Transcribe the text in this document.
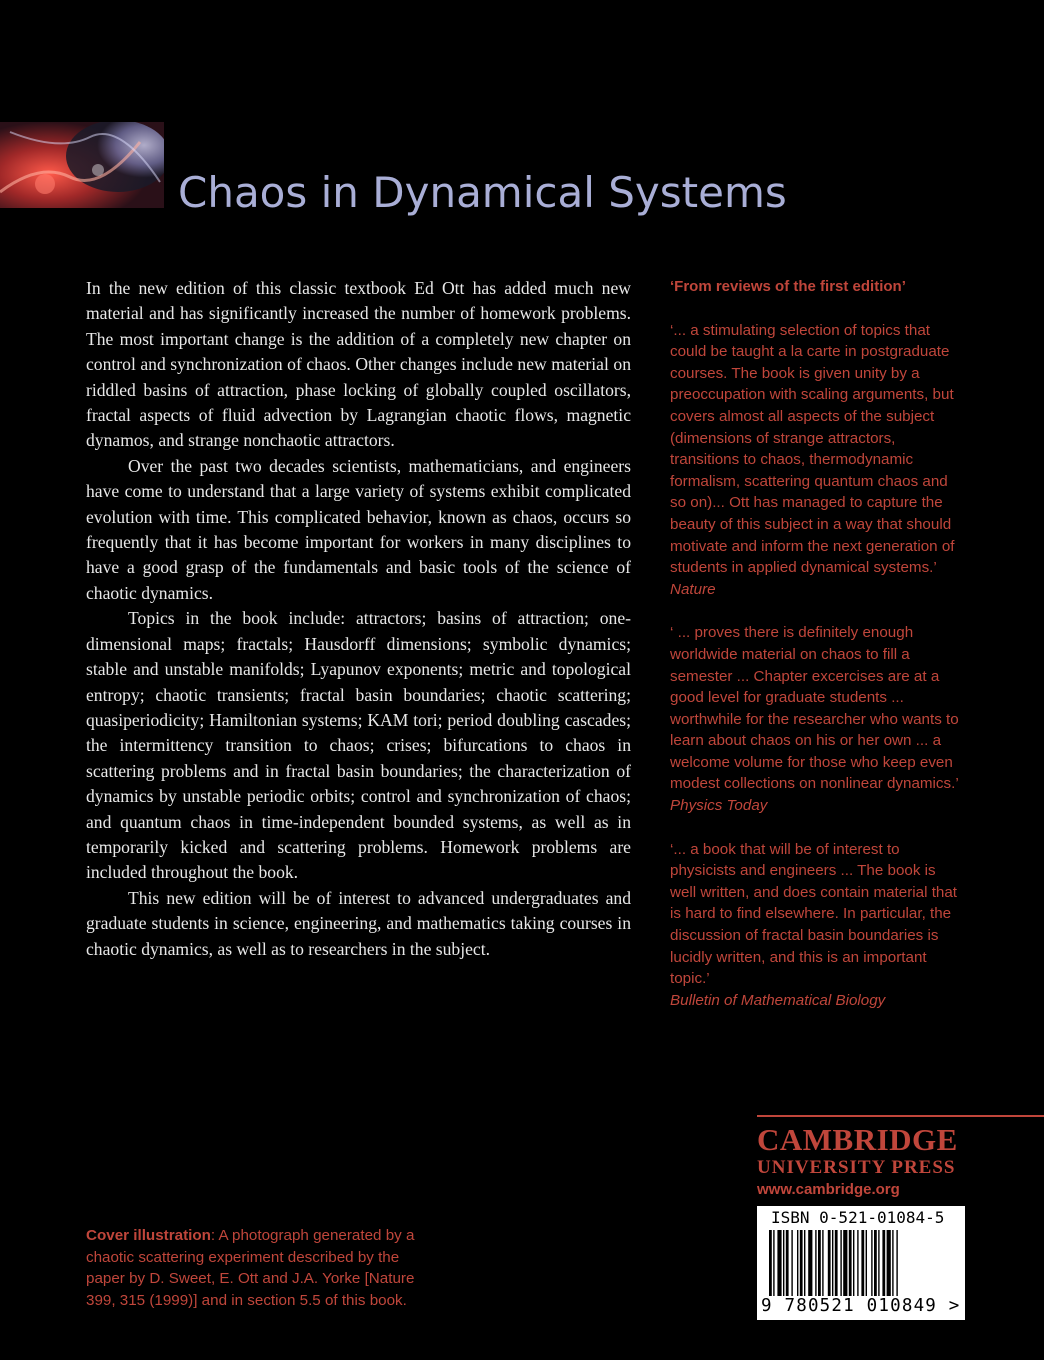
Chaos in Dynamical Systems

In the new edition of this classic textbook Ed Ott has added much new material and has significantly increased the number of homework problems. The most important change is the addition of a completely new chapter on control and synchronization of chaos. Other changes include new material on riddled basins of attraction, phase locking of globally coupled oscillators, fractal aspects of fluid advection by Lagrangian chaotic flows, magnetic dynamos, and strange nonchaotic attractors.

Over the past two decades scientists, mathematicians, and engineers have come to understand that a large variety of systems exhibit complicated evolution with time. This complicated behavior, known as chaos, occurs so frequently that it has become important for workers in many disciplines to have a good grasp of the fundamentals and basic tools of the science of chaotic dynamics.

Topics in the book include: attractors; basins of attraction; one-dimensional maps; fractals; Hausdorff dimensions; symbolic dynamics; stable and unstable manifolds; Lyapunov exponents; metric and topological entropy; chaotic transients; fractal basin boundaries; chaotic scattering; quasiperiodicity; Hamiltonian systems; KAM tori; period doubling cascades; the intermittency transition to chaos; crises; bifurcations to chaos in scattering problems and in fractal basin boundaries; the characterization of dynamics by unstable periodic orbits; control and synchronization of chaos; and quantum chaos in time-independent bounded systems, as well as in temporarily kicked and scattering problems. Homework problems are included throughout the book.

This new edition will be of interest to advanced undergraduates and graduate students in science, engineering, and mathematics taking courses in chaotic dynamics, as well as to researchers in the subject.

‘From reviews of the first edition’

‘... a stimulating selection of topics that could be taught a la carte in postgraduate courses. The book is given unity by a preoccupation with scaling arguments, but covers almost all aspects of the subject (dimensions of strange attractors, transitions to chaos, thermodynamic formalism, scattering quantum chaos and so on)... Ott has managed to capture the beauty of this subject in a way that should motivate and inform the next generation of students in applied dynamical systems.’

Nature

‘ ... proves there is definitely enough worldwide material on chaos to fill a semester ... Chapter excercises are at a good level for graduate students ... worthwhile for the researcher who wants to learn about chaos on his or her own ... a welcome volume for those who keep even modest collections on nonlinear dynamics.’

Physics Today

‘... a book that will be of interest to physicists and engineers ... The book is well written, and does contain material that is hard to find elsewhere. In particular, the discussion of fractal basin boundaries is lucidly written, and this is an important topic.’

Bulletin of Mathematical Biology

CAMBRIDGE

UNIVERSITY PRESS

www.cambridge.org

ISBN 0-521-01084-5

9 780521 010849 >

Cover illustration: A photograph generated by a chaotic scattering experiment described by the paper by D. Sweet, E. Ott and J.A. Yorke [Nature 399, 315 (1999)] and in section 5.5 of this book.
